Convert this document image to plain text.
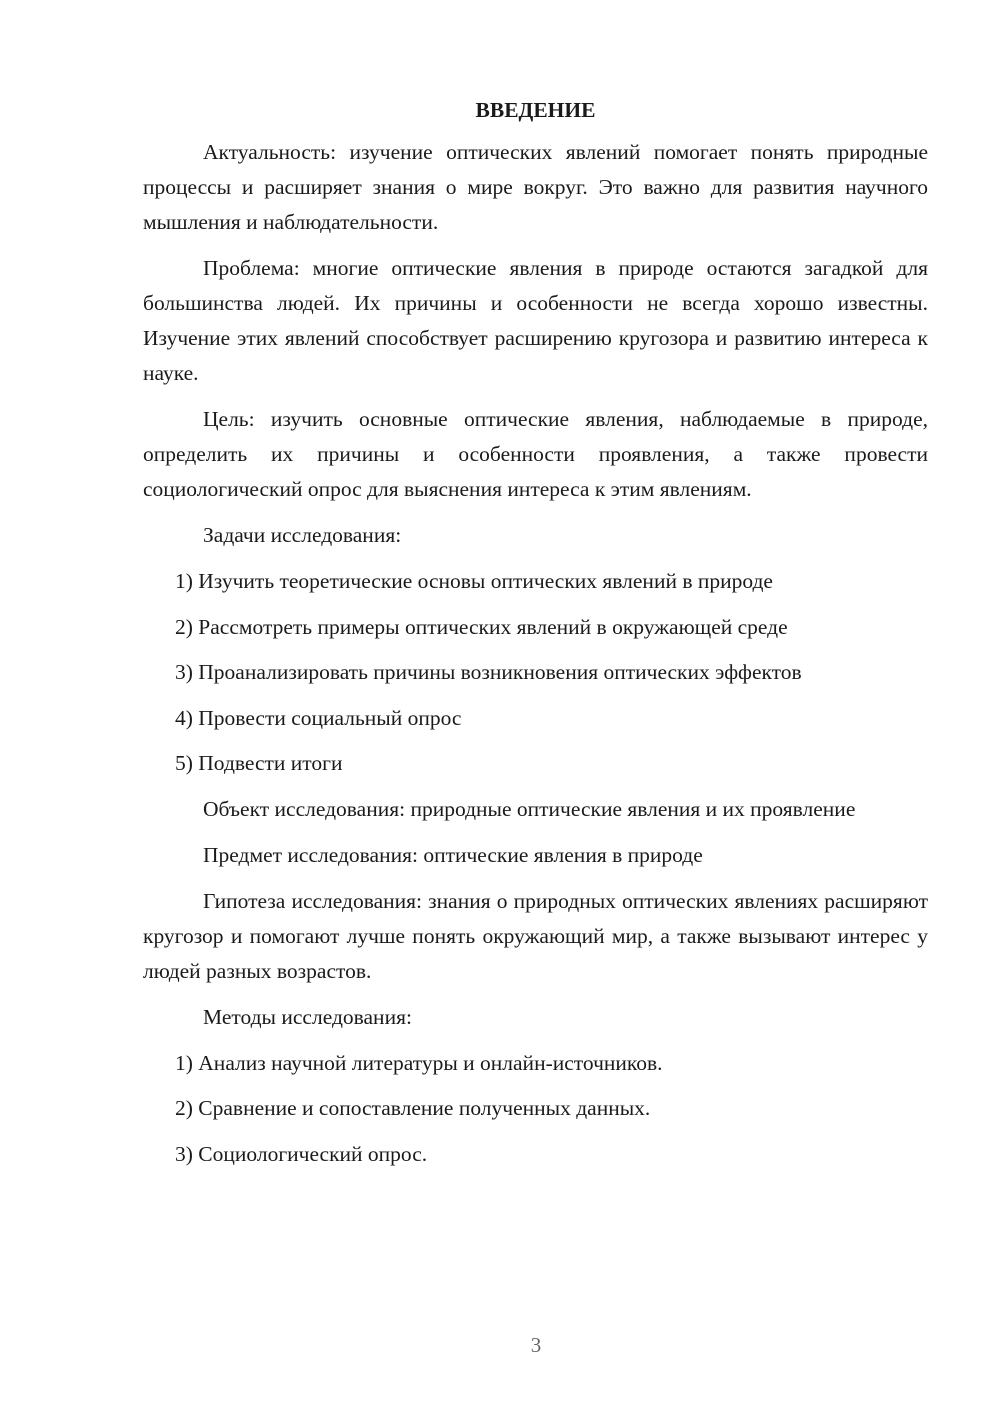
ВВЕДЕНИЕ

Актуальность: изучение оптических явлений помогает понять природные процессы и расширяет знания о мире вокруг. Это важно для развития научного мышления и наблюдательности.

Проблема: многие оптические явления в природе остаются загадкой для большинства людей. Их причины и особенности не всегда хорошо известны. Изучение этих явлений способствует расширению кругозора и развитию интереса к науке.

Цель: изучить основные оптические явления, наблюдаемые в природе, определить их причины и особенности проявления, а также провести социологический опрос для выяснения интереса к этим явлениям.

Задачи исследования:

1) Изучить теоретические основы оптических явлений в природе
2) Рассмотреть примеры оптических явлений в окружающей среде
3) Проанализировать причины возникновения оптических эффектов
4) Провести социальный опрос
5) Подвести итоги

Объект исследования: природные оптические явления и их проявление

Предмет исследования: оптические явления в природе

Гипотеза исследования: знания о природных оптических явлениях расширяют кругозор и помогают лучше понять окружающий мир, а также вызывают интерес у людей разных возрастов.

Методы исследования:

1) Анализ научной литературы и онлайн-источников.
2) Сравнение и сопоставление полученных данных.
3) Социологический опрос.
3
